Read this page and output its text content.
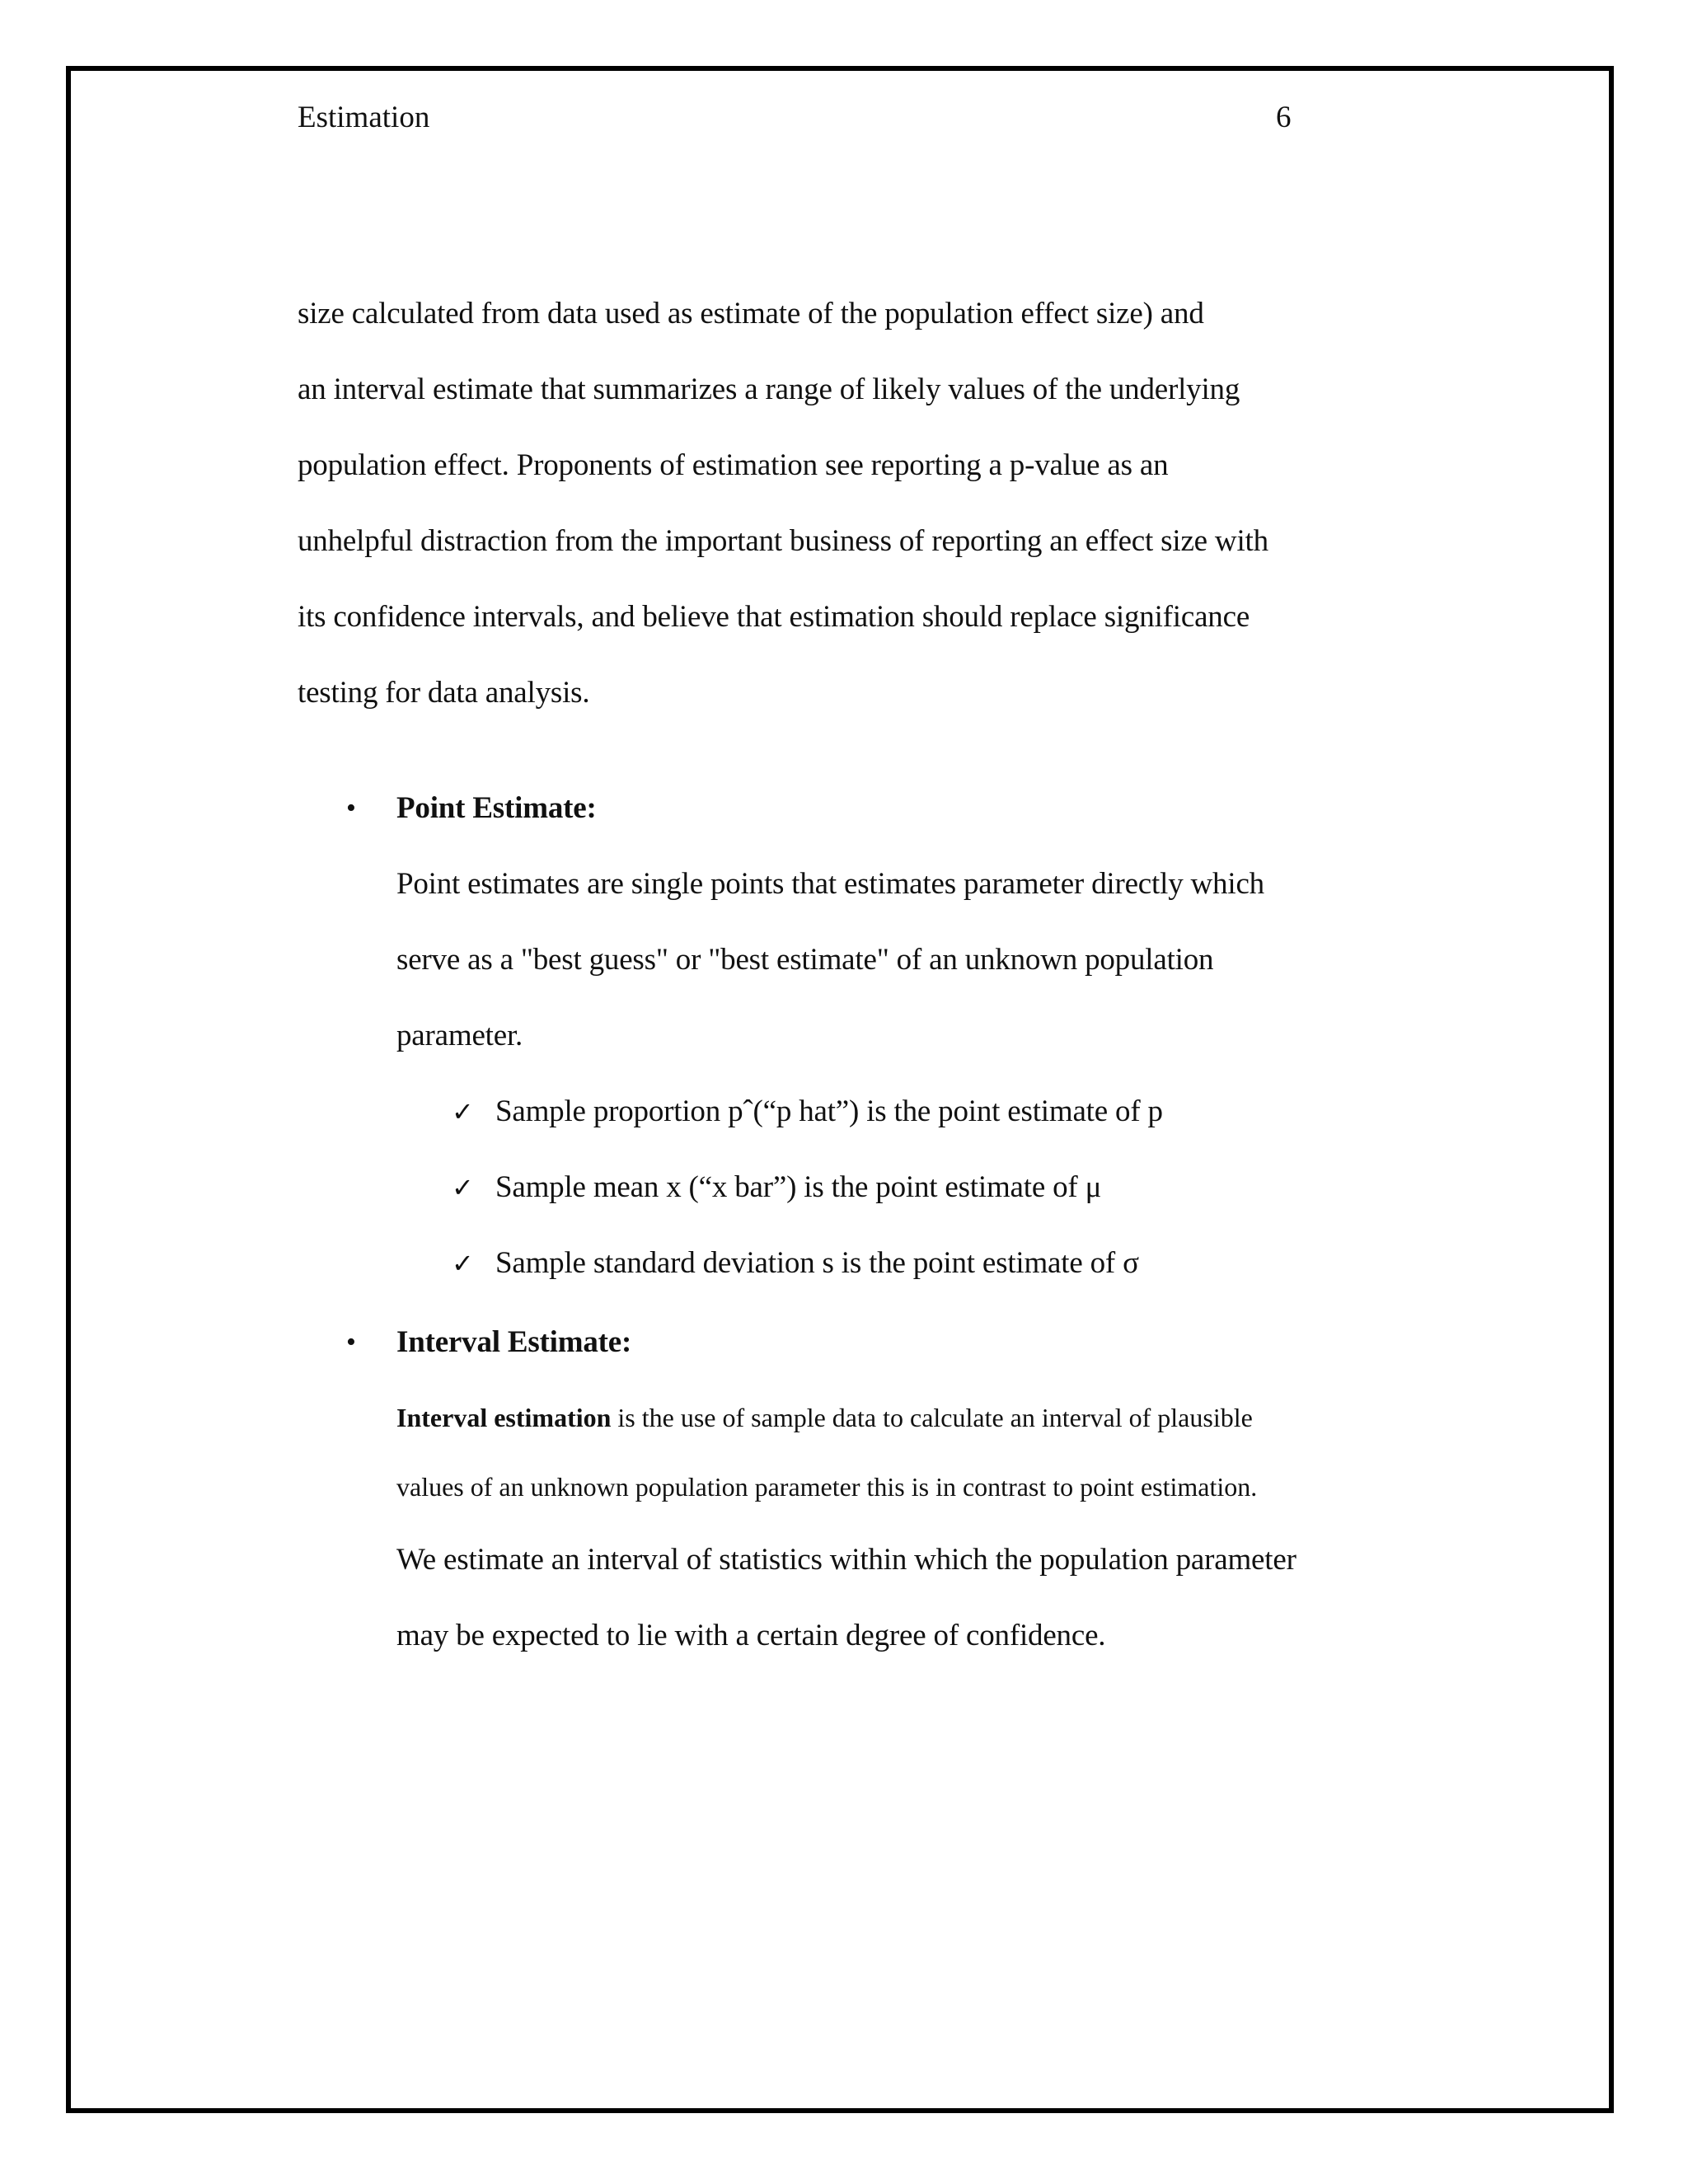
Estimation	6
size calculated from data used as estimate of the population effect size) and
an interval estimate that summarizes a range of likely values of the underlying
population effect. Proponents of estimation see reporting a p-value as an
unhelpful distraction from the important business of reporting an effect size with
its confidence intervals, and believe that estimation should replace significance
testing for data analysis.
• Point Estimate:
Point estimates are single points that estimates parameter directly which
serve as a "best guess" or "best estimate" of an unknown population
parameter.
✓ Sample proportion pˆ(“p hat”) is the point estimate of p
✓ Sample mean x (“x bar”) is the point estimate of μ
✓ Sample standard deviation s is the point estimate of σ
• Interval Estimate:
Interval estimation is the use of sample data to calculate an interval of plausible
values of an unknown population parameter this is in contrast to point estimation.
We estimate an interval of statistics within which the population parameter
may be expected to lie with a certain degree of confidence.
